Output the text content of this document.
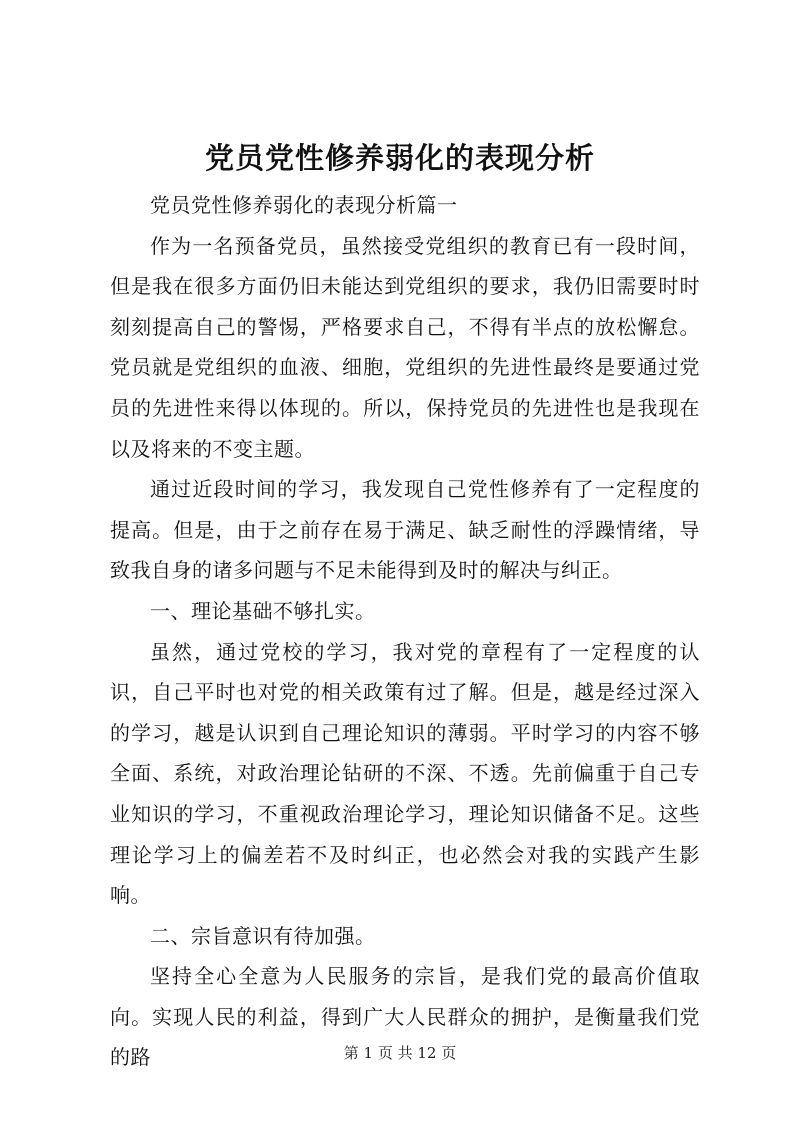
党员党性修养弱化的表现分析

党员党性修养弱化的表现分析篇一

作为一名预备党员，虽然接受党组织的教育已有一段时间，但是我在很多方面仍旧未能达到党组织的要求，我仍旧需要时时刻刻提高自己的警惕，严格要求自己，不得有半点的放松懈怠。党员就是党组织的血液、细胞，党组织的先进性最终是要通过党员的先进性来得以体现的。所以，保持党员的先进性也是我现在以及将来的不变主题。

通过近段时间的学习，我发现自己党性修养有了一定程度的提高。但是，由于之前存在易于满足、缺乏耐性的浮躁情绪，导致我自身的诸多问题与不足未能得到及时的解决与纠正。

一、理论基础不够扎实。

虽然，通过党校的学习，我对党的章程有了一定程度的认识，自己平时也对党的相关政策有过了解。但是，越是经过深入的学习，越是认识到自己理论知识的薄弱。平时学习的内容不够全面、系统，对政治理论钻研的不深、不透。先前偏重于自己专业知识的学习，不重视政治理论学习，理论知识储备不足。这些理论学习上的偏差若不及时纠正，也必然会对我的实践产生影响。

二、宗旨意识有待加强。

坚持全心全意为人民服务的宗旨，是我们党的最高价值取向。实现人民的利益，得到广大人民群众的拥护，是衡量我们党的路	第 1 页 共 12 页
